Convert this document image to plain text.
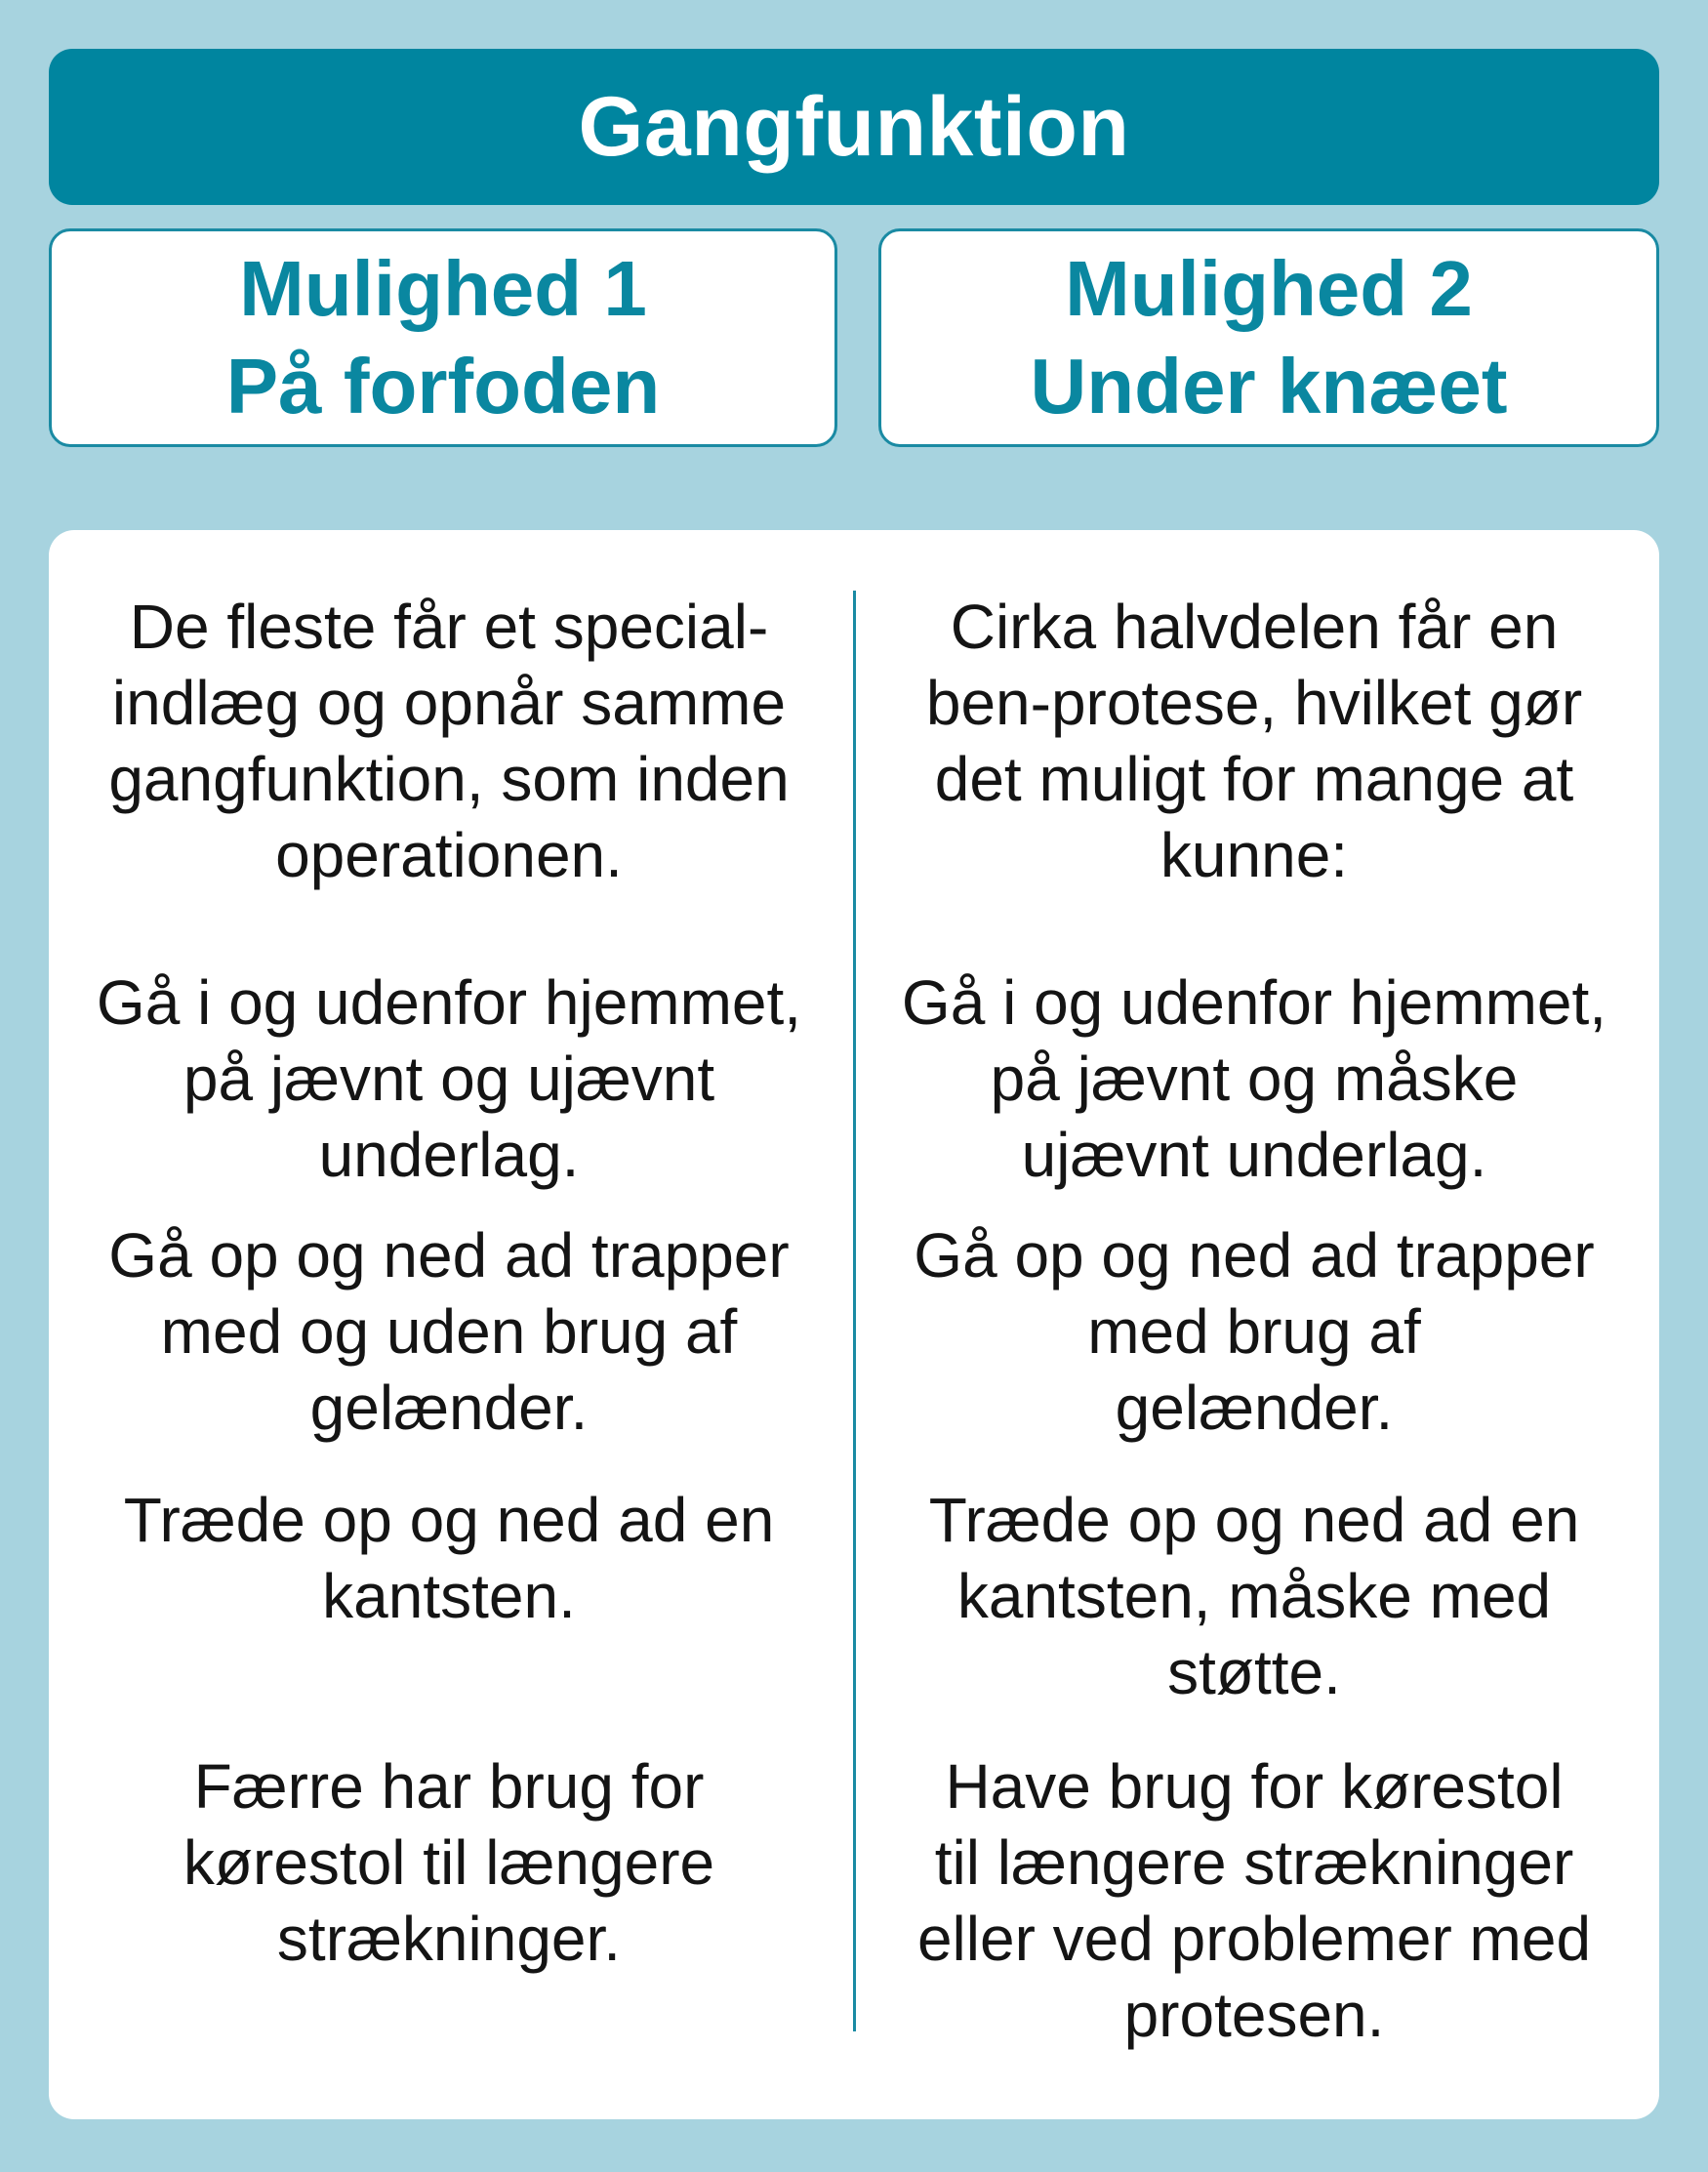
Gangfunktion
Mulighed 1
På forfoden
Mulighed 2
Under knæet
De fleste får et special-
indlæg og opnår samme
gangfunktion, som inden
operationen.
Gå i og udenfor hjemmet,
på jævnt og ujævnt
underlag.
Gå op og ned ad trapper
med og uden brug af
gelænder.
Træde op og ned ad en
kantsten.
Færre har brug for
kørestol til længere
strækninger.
Cirka halvdelen får en
ben-protese, hvilket gør
det muligt for mange at
kunne:
Gå i og udenfor hjemmet,
på jævnt og måske
ujævnt underlag.
Gå op og ned ad trapper
med brug af
gelænder.
Træde op og ned ad en
kantsten, måske med
støtte.
Have brug for kørestol
til længere strækninger
eller ved problemer med
protesen.
